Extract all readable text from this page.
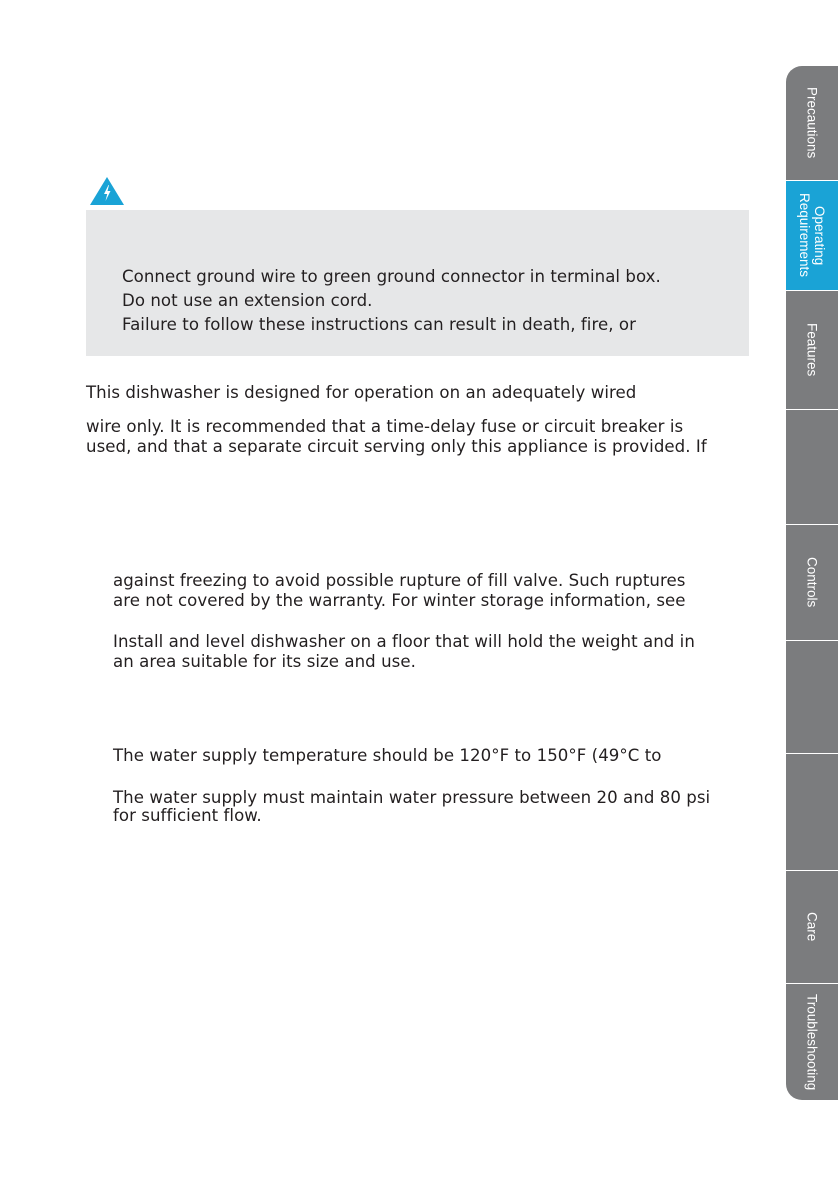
Connect ground wire to green ground connector in terminal box.
Do not use an extension cord.
Failure to follow these instructions can result in death, fire, or
This dishwasher is designed for operation on an adequately wired
wire only. It is recommended that a time-delay fuse or circuit breaker is
used, and that a separate circuit serving only this appliance is provided. If
against freezing to avoid possible rupture of fill valve. Such ruptures
are not covered by the warranty. For winter storage information, see
Install and level dishwasher on a floor that will hold the weight and in
an area suitable for its size and use.
The water supply temperature should be 120°F to 150°F (49°C to
The water supply must maintain water pressure between 20 and 80 psi
for sufficient flow.
Precautions
Operating
Requirements
Features
Controls
Care
Troubleshooting
